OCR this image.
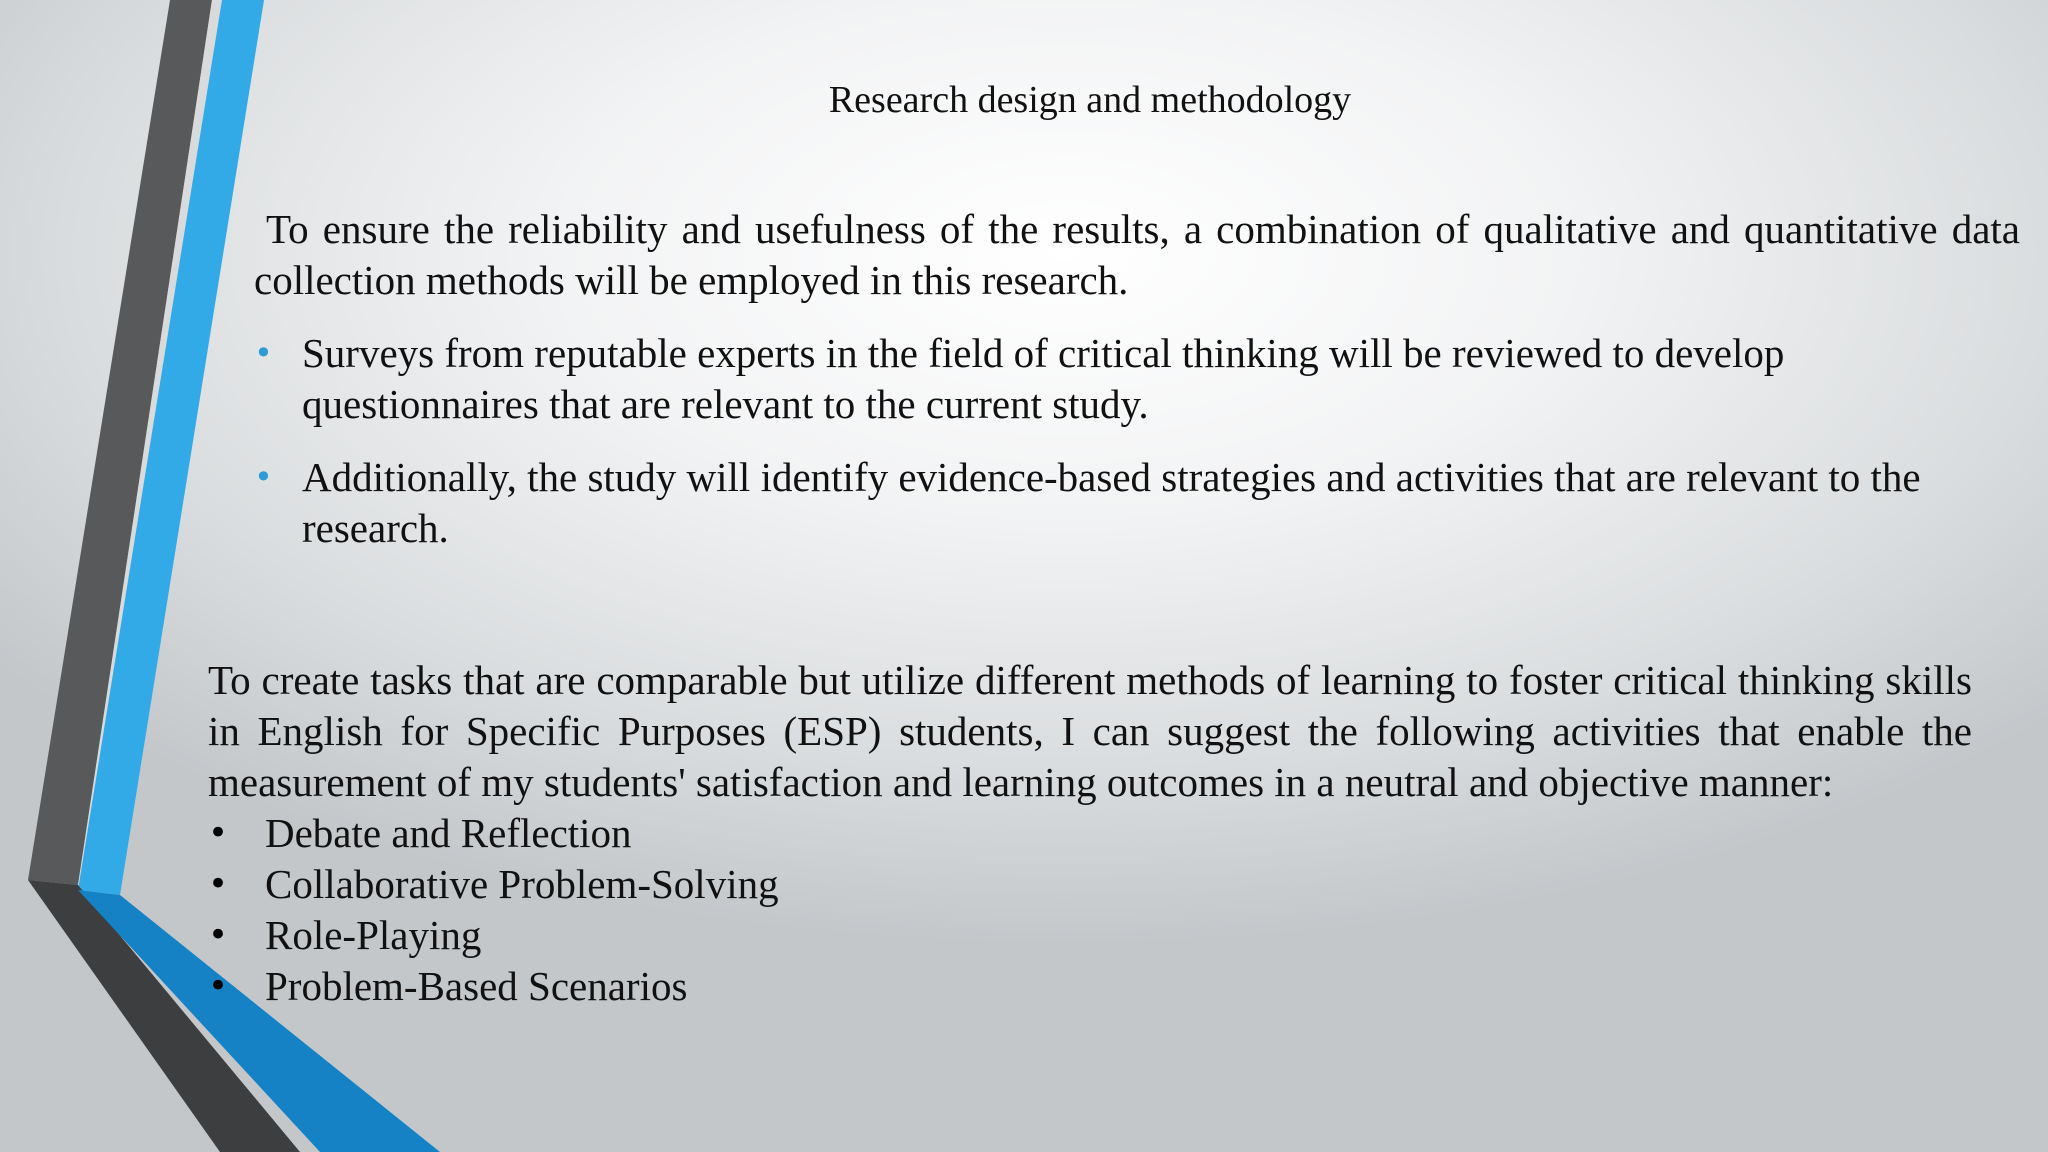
Research design and methodology
To ensure the reliability and usefulness of the results, a combination of qualitative and quantitative data collection methods will be employed in this research.
• Surveys from reputable experts in the field of critical thinking will be reviewed to develop questionnaires that are relevant to the current study.
• Additionally, the study will identify evidence-based strategies and activities that are relevant to the research.
To create tasks that are comparable but utilize different methods of learning to foster critical thinking skills in English for Specific Purposes (ESP) students, I can suggest the following activities that enable the measurement of my students' satisfaction and learning outcomes in a neutral and objective manner:
• Debate and Reflection
• Collaborative Problem-Solving
• Role-Playing
• Problem-Based Scenarios
